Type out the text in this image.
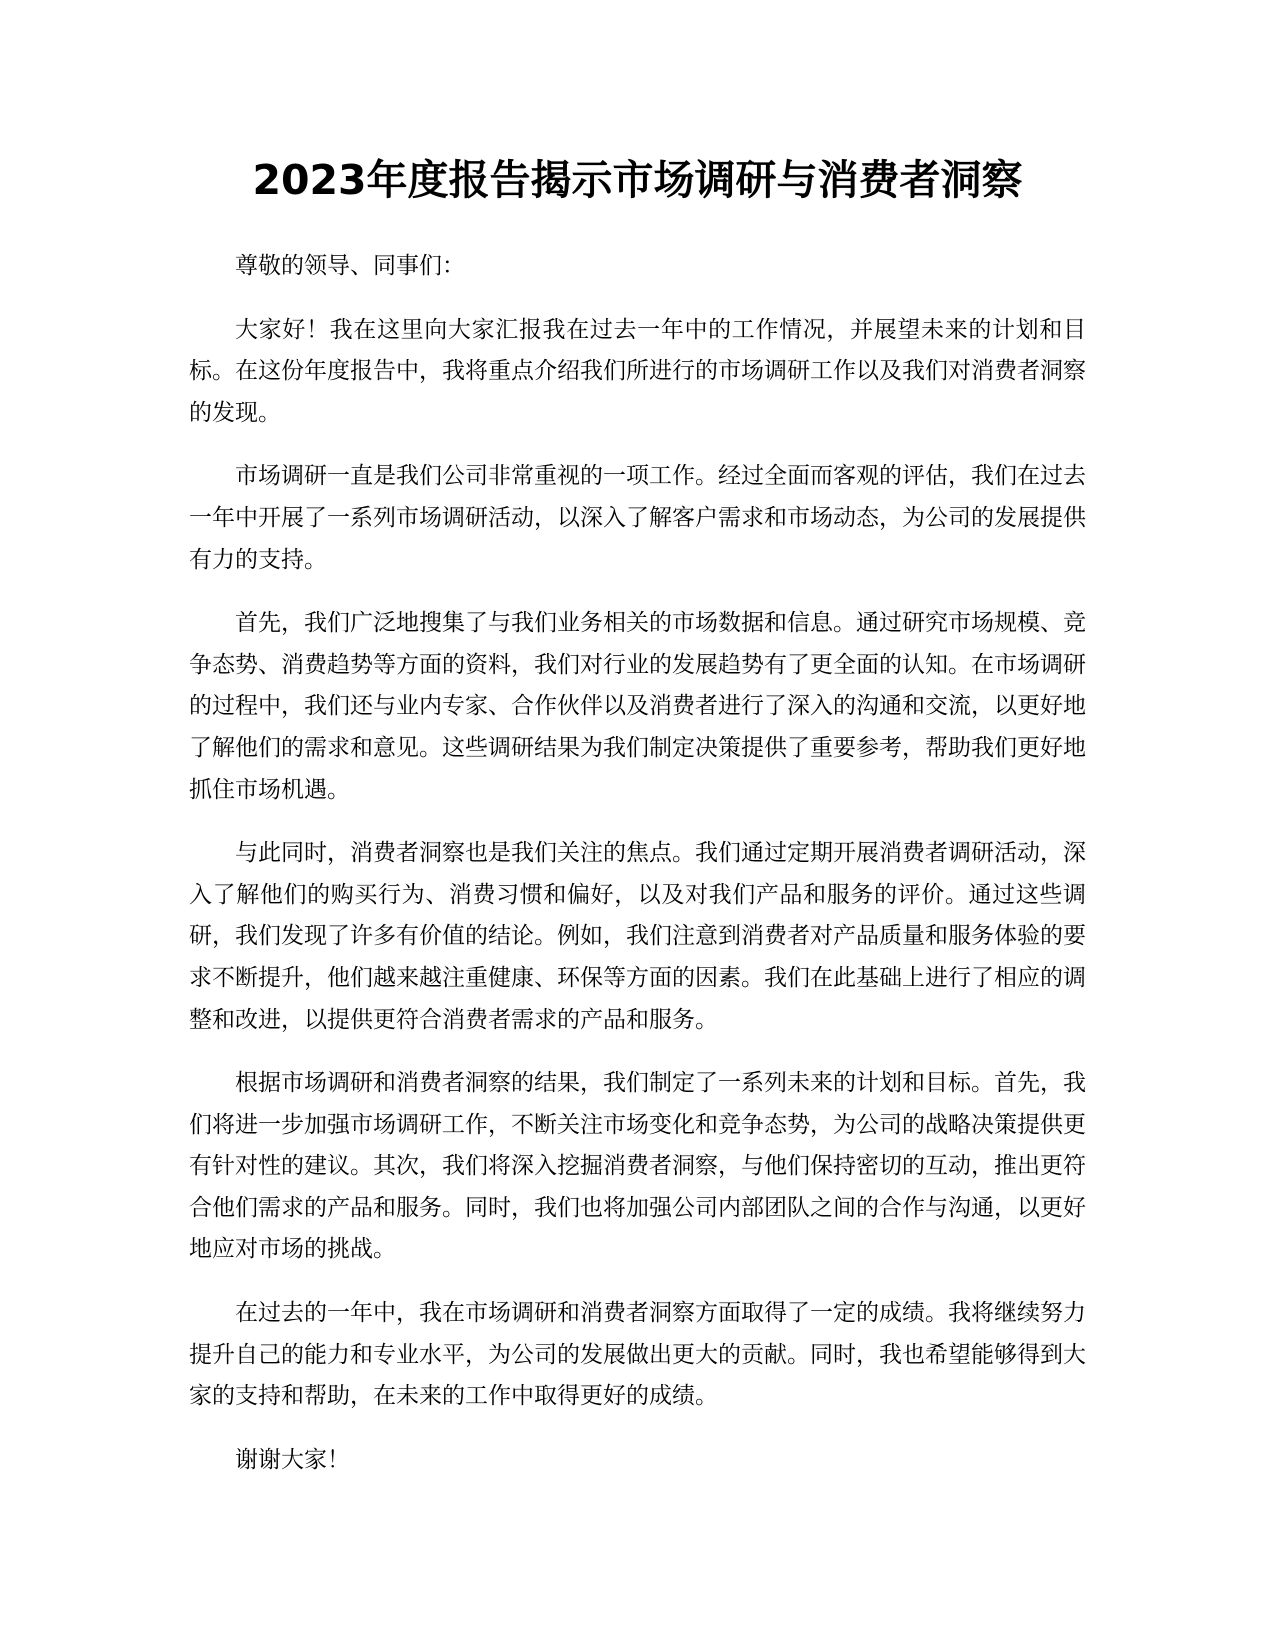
2023年度报告揭示市场调研与消费者洞察

尊敬的领导、同事们：

大家好！我在这里向大家汇报我在过去一年中的工作情况，并展望未来的计划和目标。在这份年度报告中，我将重点介绍我们所进行的市场调研工作以及我们对消费者洞察的发现。

市场调研一直是我们公司非常重视的一项工作。经过全面而客观的评估，我们在过去一年中开展了一系列市场调研活动，以深入了解客户需求和市场动态，为公司的发展提供有力的支持。

首先，我们广泛地搜集了与我们业务相关的市场数据和信息。通过研究市场规模、竞争态势、消费趋势等方面的资料，我们对行业的发展趋势有了更全面的认知。在市场调研的过程中，我们还与业内专家、合作伙伴以及消费者进行了深入的沟通和交流，以更好地了解他们的需求和意见。这些调研结果为我们制定决策提供了重要参考，帮助我们更好地抓住市场机遇。

与此同时，消费者洞察也是我们关注的焦点。我们通过定期开展消费者调研活动，深入了解他们的购买行为、消费习惯和偏好，以及对我们产品和服务的评价。通过这些调研，我们发现了许多有价值的结论。例如，我们注意到消费者对产品质量和服务体验的要求不断提升，他们越来越注重健康、环保等方面的因素。我们在此基础上进行了相应的调整和改进，以提供更符合消费者需求的产品和服务。

根据市场调研和消费者洞察的结果，我们制定了一系列未来的计划和目标。首先，我们将进一步加强市场调研工作，不断关注市场变化和竞争态势，为公司的战略决策提供更有针对性的建议。其次，我们将深入挖掘消费者洞察，与他们保持密切的互动，推出更符合他们需求的产品和服务。同时，我们也将加强公司内部团队之间的合作与沟通，以更好地应对市场的挑战。

在过去的一年中，我在市场调研和消费者洞察方面取得了一定的成绩。我将继续努力提升自己的能力和专业水平，为公司的发展做出更大的贡献。同时，我也希望能够得到大家的支持和帮助，在未来的工作中取得更好的成绩。

谢谢大家！
